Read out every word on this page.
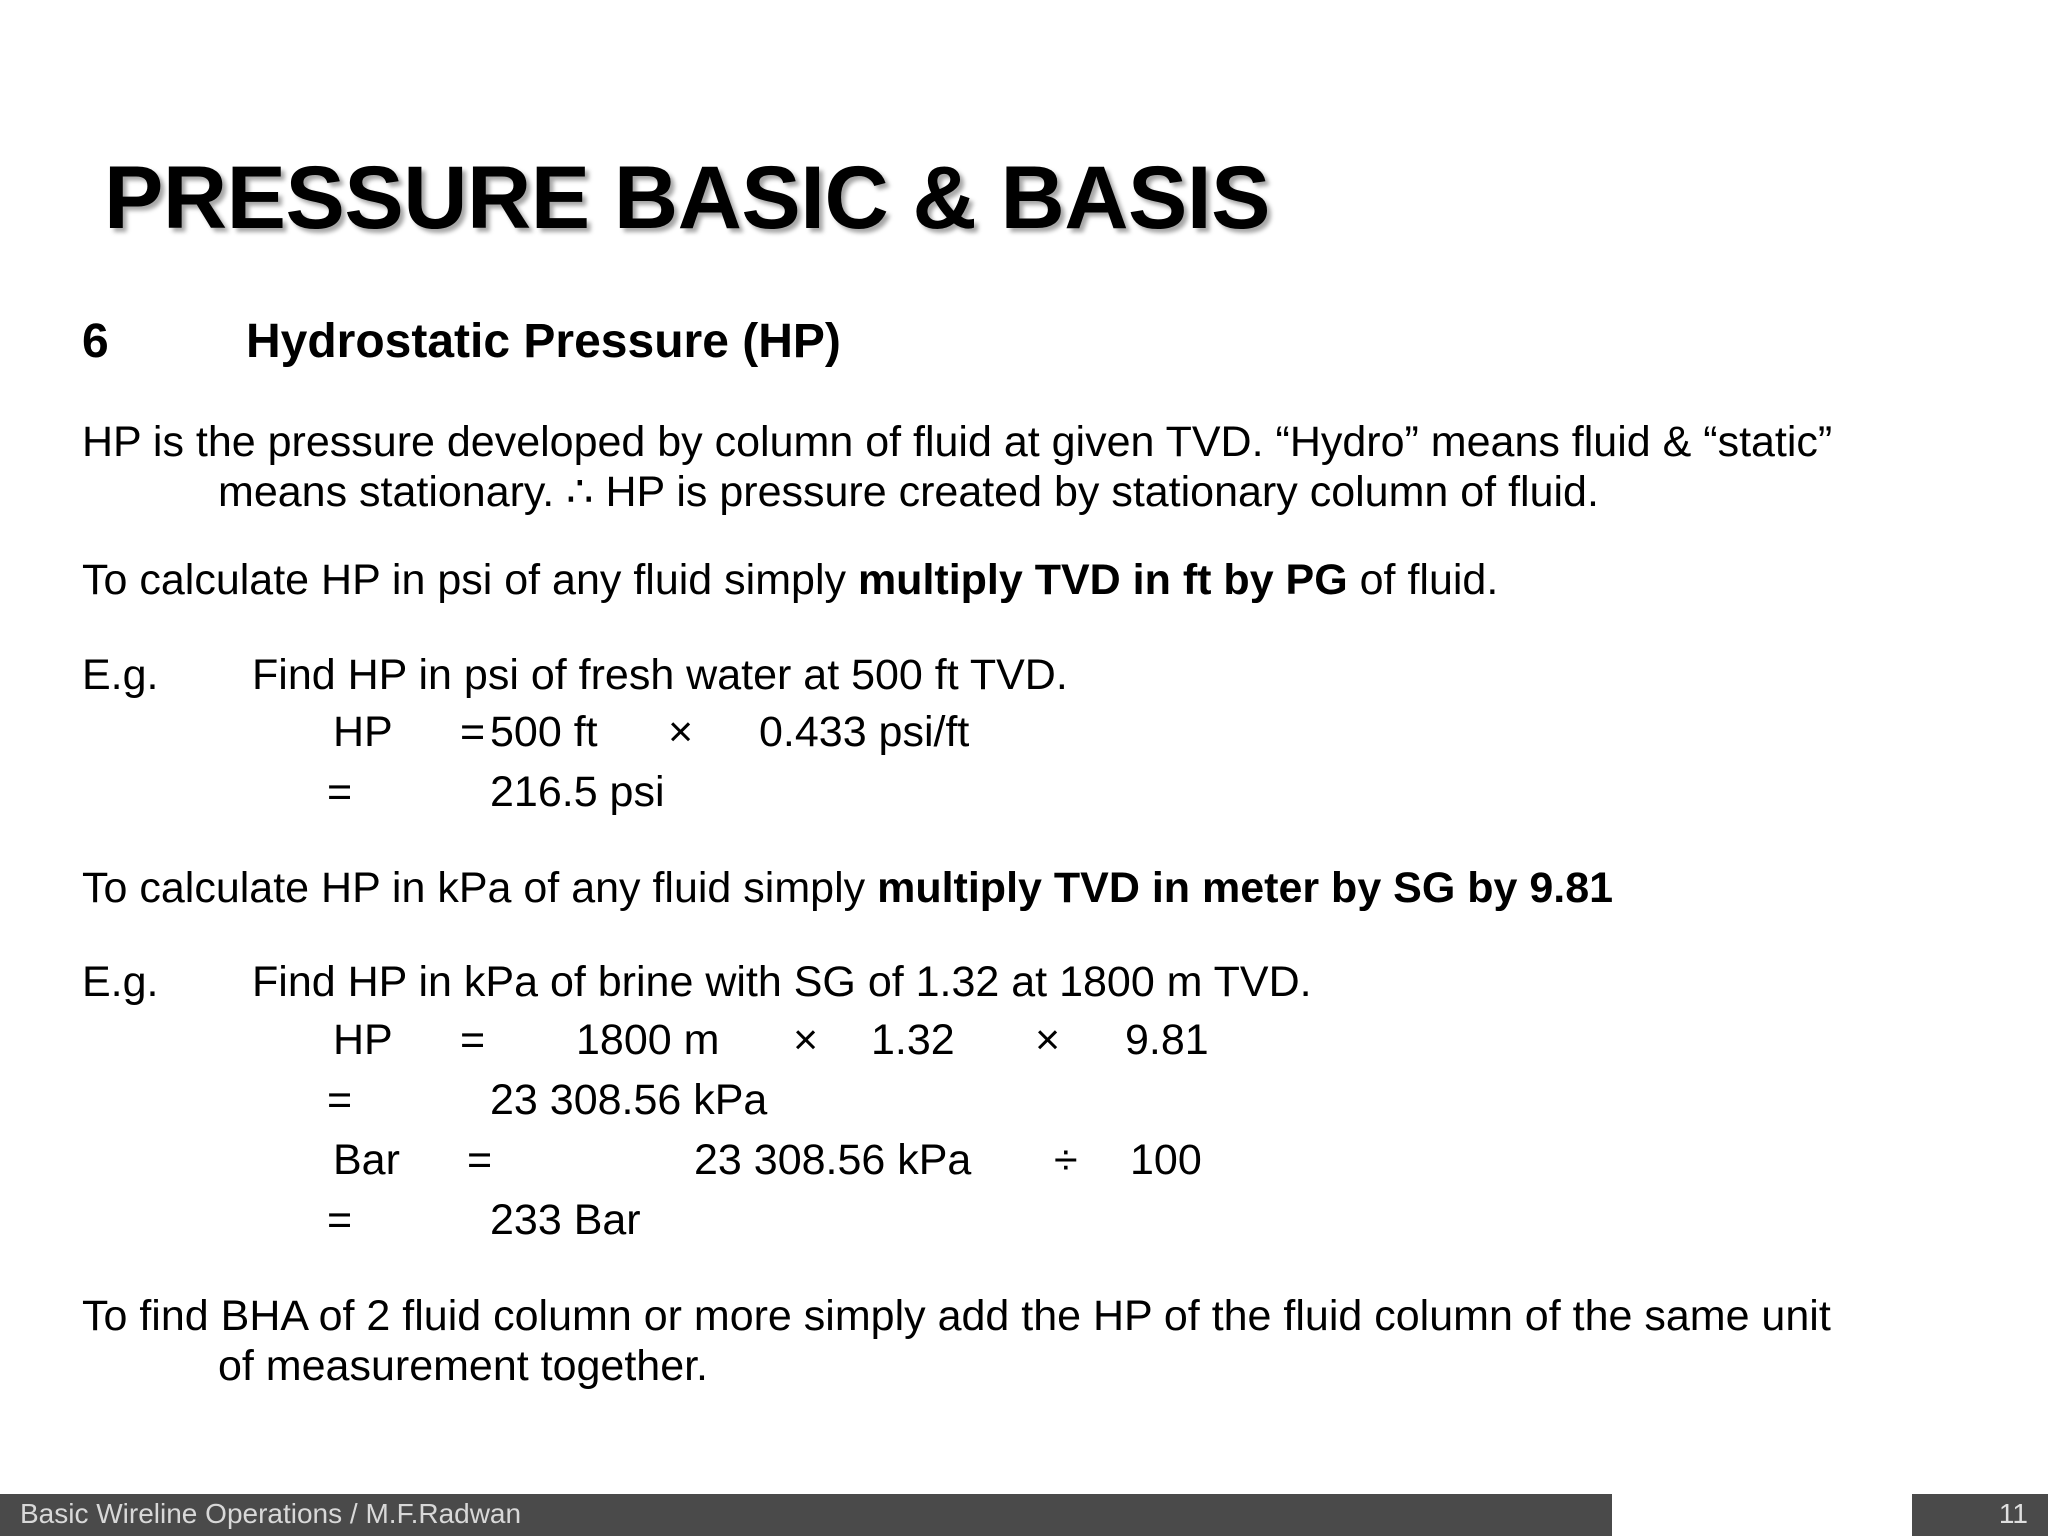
PRESSURE BASIC & BASIS
6	Hydrostatic Pressure (HP)
HP is the pressure developed by column of fluid at given TVD. “Hydro” means fluid & “static”
means stationary. ∴ HP is pressure created by stationary column of fluid.
To calculate HP in psi of any fluid simply multiply TVD in ft by PG of fluid.
E.g. Find HP in psi of fresh water at 500 ft TVD.
HP = 500 ft × 0.433 psi/ft
=	216.5 psi
To calculate HP in kPa of any fluid simply multiply TVD in meter by SG by 9.81
E.g. Find HP in kPa of brine with SG of 1.32 at 1800 m TVD.
HP = 1800 m × 1.32 × 9.81
=	23 308.56 kPa
Bar =	23 308.56 kPa ÷ 100
=	233 Bar
To find BHA of 2 fluid column or more simply add the HP of the fluid column of the same unit
of measurement together.
Basic Wireline Operations / M.F.Radwan	11
